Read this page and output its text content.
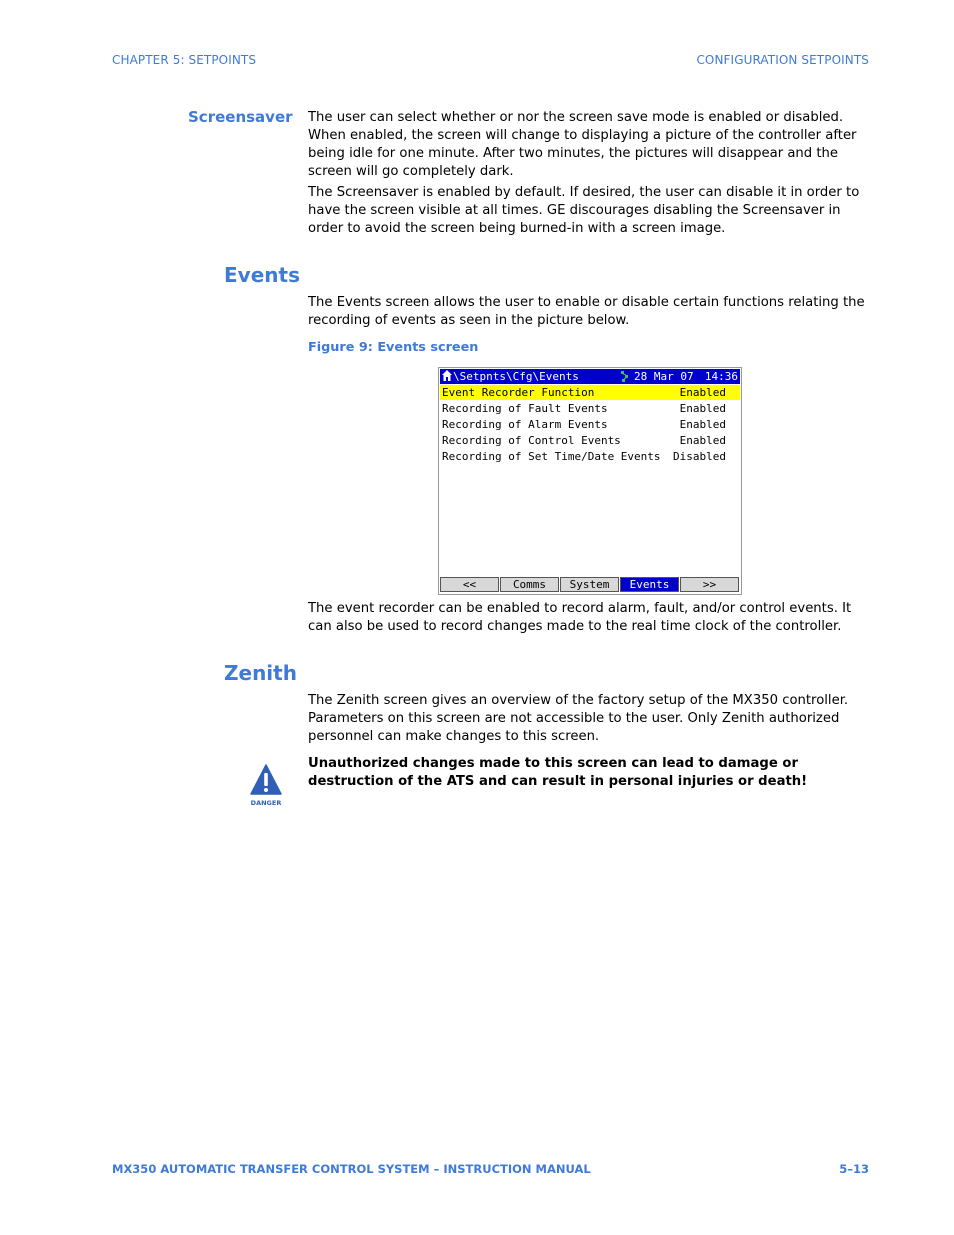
CHAPTER 5: SETPOINTS	CONFIGURATION SETPOINTS
Screensaver The user can select whether or nor the screen save mode is enabled or disabled. When enabled, the screen will change to displaying a picture of the controller after being idle for one minute. After two minutes, the pictures will disappear and the screen will go completely dark.

The Screensaver is enabled by default. If desired, the user can disable it in order to have the screen visible at all times. GE discourages disabling the Screensaver in order to avoid the screen being burned-in with a screen image.

Events

The Events screen allows the user to enable or disable certain functions relating the recording of events as seen in the picture below.

Figure 9: Events screen
\Setpnts\Cfg\Events	28 Mar 07 14:36
Event Recorder Function	Enabled
Recording of Fault Events	Enabled
Recording of Alarm Events	Enabled
Recording of Control Events	Enabled
Recording of Set Time/Date Events Disabled
<<	Comms	System	Events	>>

The event recorder can be enabled to record alarm, fault, and/or control events. It can also be used to record changes made to the real time clock of the controller.

Zenith

The Zenith screen gives an overview of the factory setup of the MX350 controller. Parameters on this screen are not accessible to the user. Only Zenith authorized personnel can make changes to this screen.

DANGER
Unauthorized changes made to this screen can lead to damage or destruction of the ATS and can result in personal injuries or death!
MX350 AUTOMATIC TRANSFER CONTROL SYSTEM – INSTRUCTION MANUAL	5–13
